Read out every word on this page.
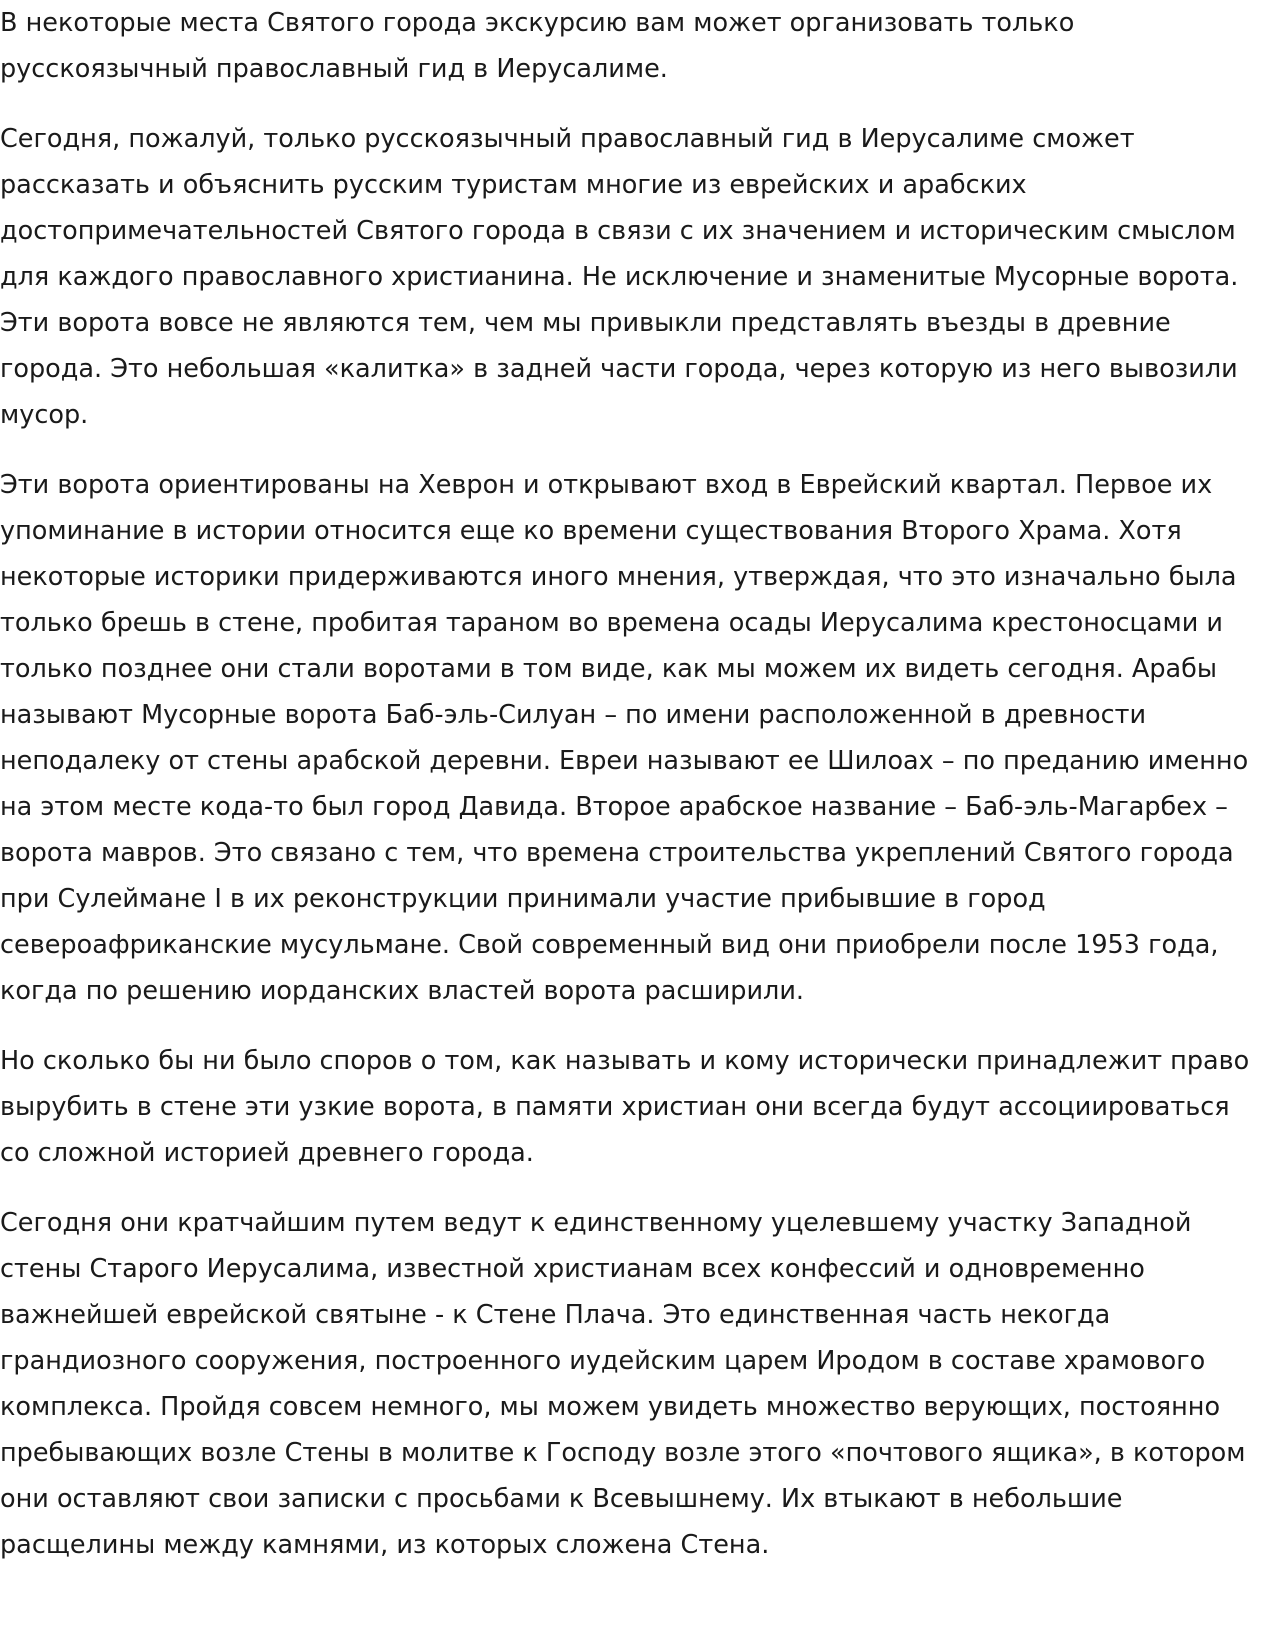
В некоторые места Святого города экскурсию вам может организовать только русскоязычный православный гид в Иерусалиме.

Сегодня, пожалуй, только русскоязычный православный гид в Иерусалиме сможет рассказать и объяснить русским туристам многие из еврейских и арабских достопримечательностей Святого города в связи с их значением и историческим смыслом для каждого православного христианина. Не исключение и знаменитые Мусорные ворота. Эти ворота вовсе не являются тем, чем мы привыкли представлять въезды в древние города. Это небольшая «калитка» в задней части города, через которую из него вывозили мусор.

Эти ворота ориентированы на Хеврон и открывают вход в Еврейский квартал. Первое их упоминание в истории относится еще ко времени существования Второго Храма. Хотя некоторые историки придерживаются иного мнения, утверждая, что это изначально была только брешь в стене, пробитая тараном во времена осады Иерусалима крестоносцами и только позднее они стали воротами в том виде, как мы можем их видеть сегодня. Арабы называют Мусорные ворота Баб-эль-Силуан – по имени расположенной в древности неподалеку от стены арабской деревни. Евреи называют ее Шилоах – по преданию именно на этом месте кода-то был город Давида. Второе арабское название – Баб-эль-Магарбех – ворота мавров. Это связано с тем, что времена строительства укреплений Святого города при Сулеймане I в их реконструкции принимали участие прибывшие в город североафриканские мусульмане. Свой современный вид они приобрели после 1953 года, когда по решению иорданских властей ворота расширили.

Но сколько бы ни было споров о том, как называть и кому исторически принадлежит право вырубить в стене эти узкие ворота, в памяти христиан они всегда будут ассоциироваться со сложной историей древнего города.

Сегодня они кратчайшим путем ведут к единственному уцелевшему участку Западной стены Старого Иерусалима, известной христианам всех конфессий и одновременно важнейшей еврейской святыне - к Стене Плача. Это единственная часть некогда грандиозного сооружения, построенного иудейским царем Иродом в составе храмового комплекса. Пройдя совсем немного, мы можем увидеть множество верующих, постоянно пребывающих возле Стены в молитве к Господу возле этого «почтового ящика», в котором они оставляют свои записки с просьбами к Всевышнему. Их втыкают в небольшие расщелины между камнями, из которых сложена Стена.
